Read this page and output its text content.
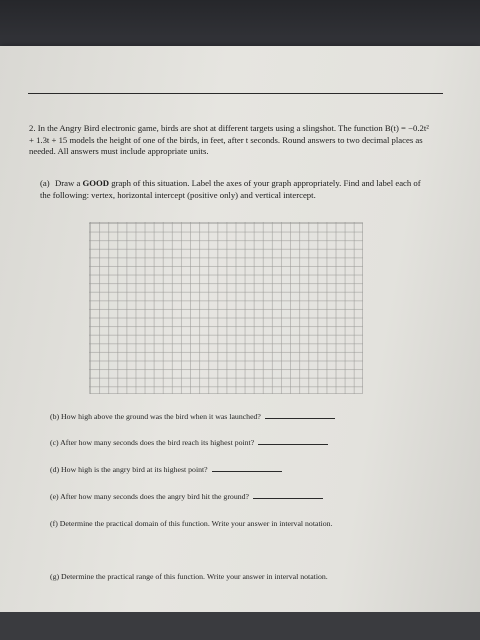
2. In the Angry Bird electronic game, birds are shot at different targets using a slingshot. The function B(t) = −0.2t² + 1.3t + 15 models the height of one of the birds, in feet, after t seconds. Round answers to two decimal places as needed. All answers must include appropriate units.
(a) Draw a GOOD graph of this situation. Label the axes of your graph appropriately. Find and label each of the following: vertex, horizontal intercept (positive only) and vertical intercept.
(b) How high above the ground was the bird when it was launched?
(c) After how many seconds does the bird reach its highest point?
(d) How high is the angry bird at its highest point?
(e) After how many seconds does the angry bird hit the ground?
(f) Determine the practical domain of this function. Write your answer in interval notation.
(g) Determine the practical range of this function. Write your answer in interval notation.
